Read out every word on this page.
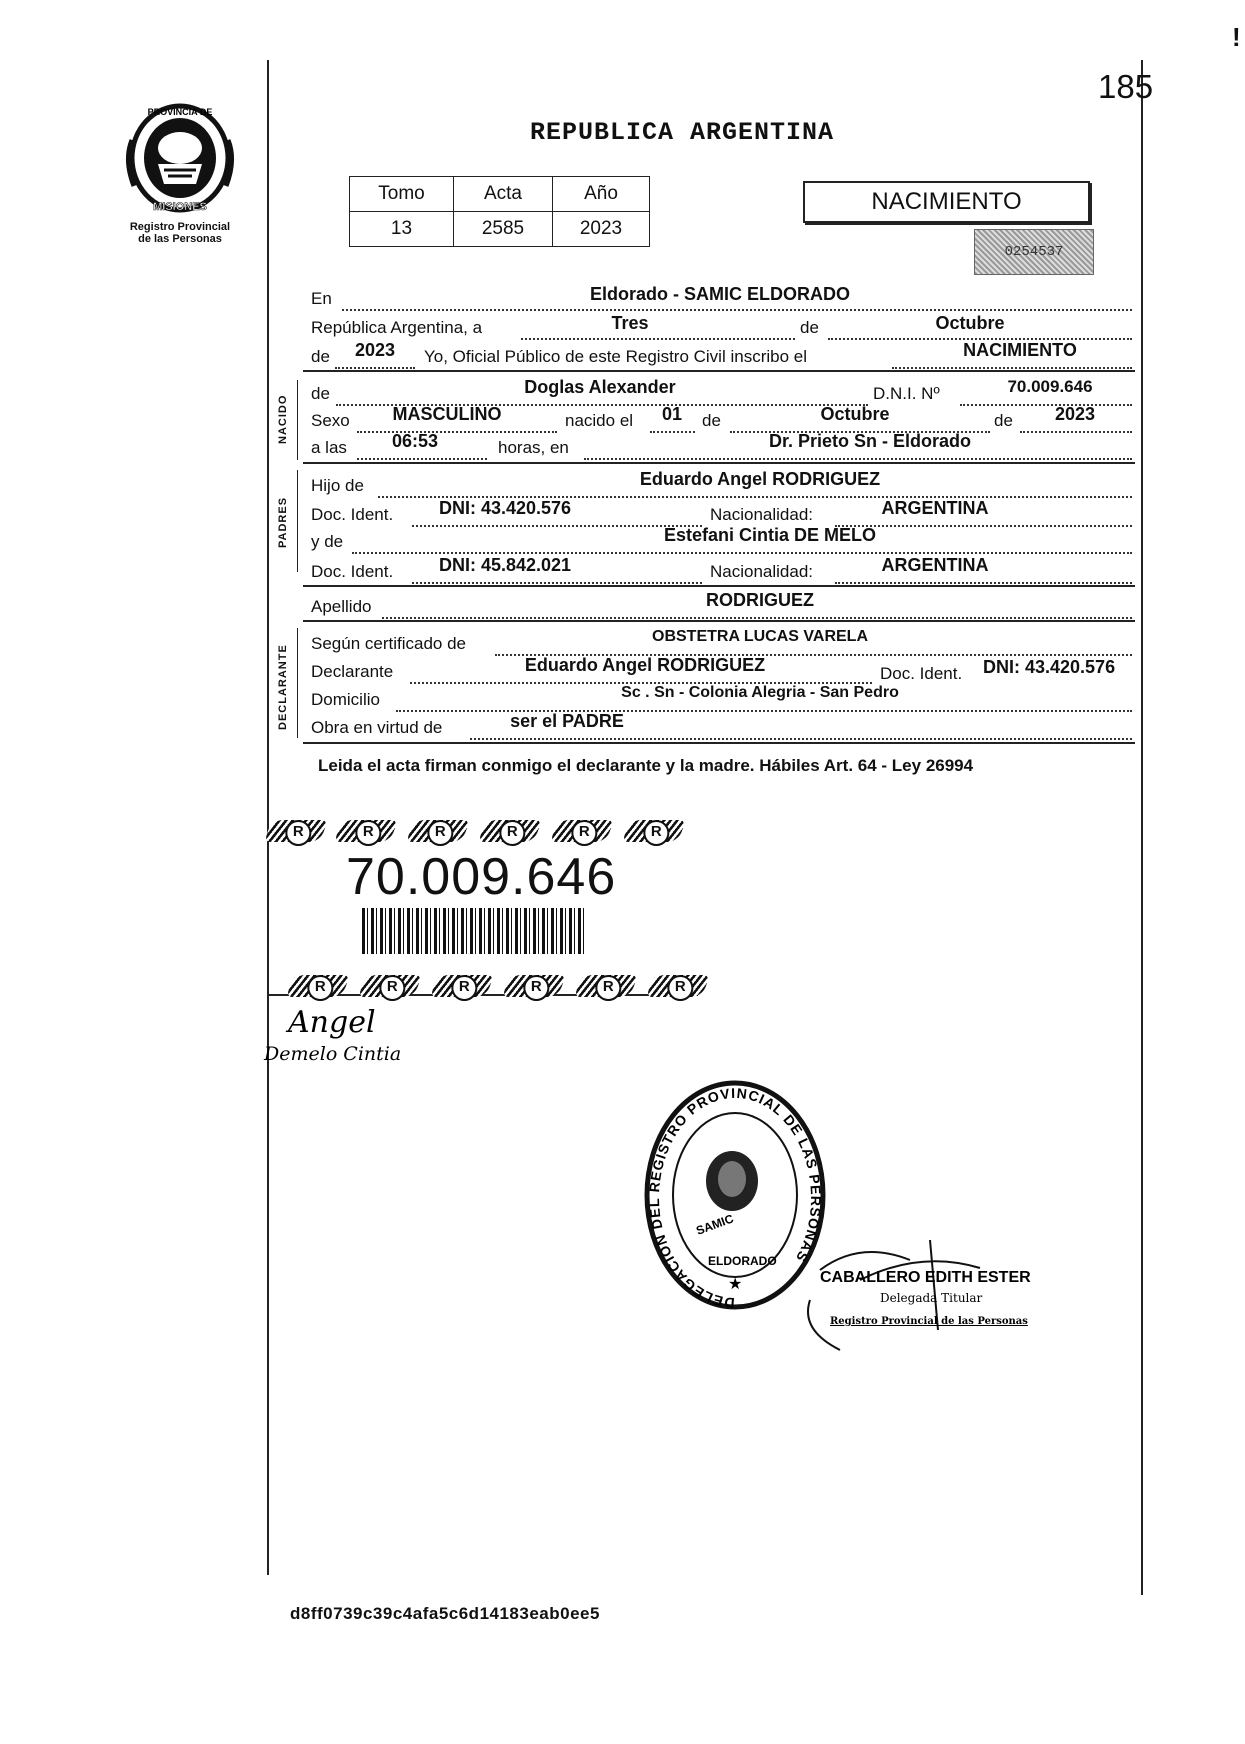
185
!
PROVINCIA DE
MISIONES
Registro Provincial
de las Personas
REPUBLICA ARGENTINA
Tomo	Acta	Año
13	2585	2023
NACIMIENTO
0254537
En	Eldorado - SAMIC ELDORADO
República Argentina, a	Tres	de	Octubre
de	2023	Yo, Oficial Público de este Registro Civil inscribo el	NACIMIENTO
NACIDO
de	Doglas Alexander	D.N.I. Nº	70.009.646
Sexo	MASCULINO	nacido el	01	de	Octubre	de	2023
a las	06:53	horas, en	Dr. Prieto Sn - Eldorado
PADRES
Hijo de	Eduardo Angel RODRIGUEZ
Doc. Ident.	DNI: 43.420.576	Nacionalidad:	ARGENTINA
y de	Estefani Cintia DE MELO
Doc. Ident.	DNI: 45.842.021	Nacionalidad:	ARGENTINA
Apellido	RODRIGUEZ
DECLARANTE
Según certificado de	OBSTETRA LUCAS VARELA
Declarante	Eduardo Angel RODRIGUEZ	Doc. Ident. DNI: 43.420.576
Domicilio	Sc . Sn - Colonia Alegria - San Pedro
Obra en virtud de	ser el PADRE
Leida el acta firman conmigo el declarante y la madre. Hábiles Art. 64 - Ley 26994
R	R	R	R	R	R
70.009.646
R	R	R	R	R	R
Angel
Demelo Cintia
DELEGACION DEL REGISTRO PROVINCIAL DE LAS PERSONAS
SAMIC
ELDORADO
★	CABALLERO EDITH ESTER
Delegada Titular
Registro Provincial de las Personas
d8ff0739c39c4afa5c6d14183eab0ee5
